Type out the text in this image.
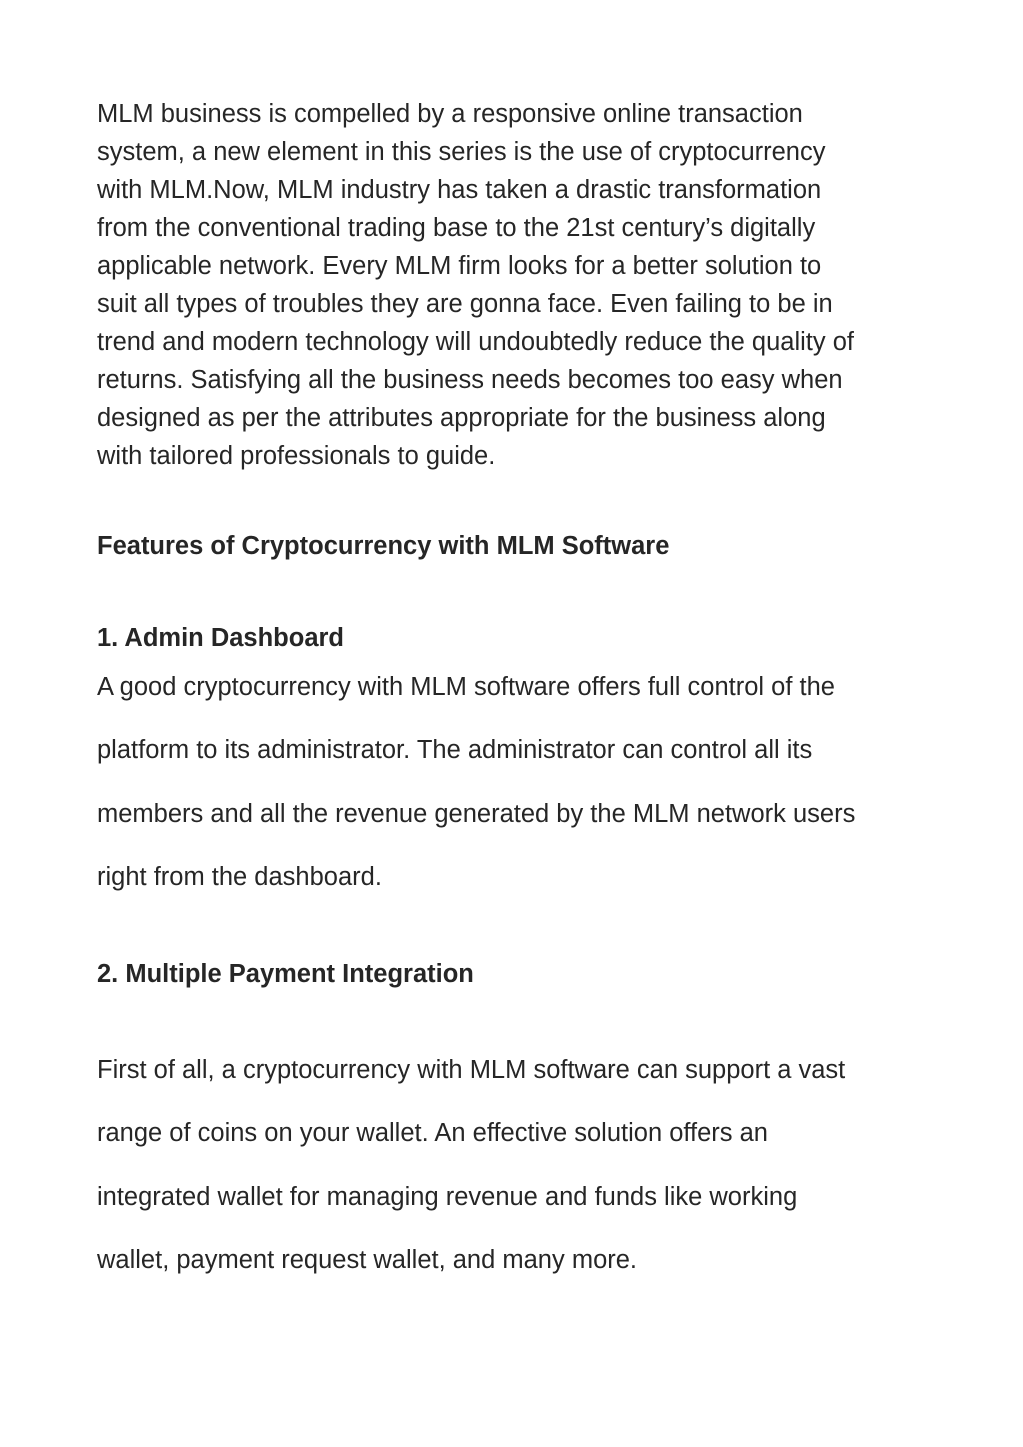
MLM business is compelled by a responsive online transaction
system, a new element in this series is the use of cryptocurrency
with MLM.Now, MLM industry has taken a drastic transformation
from the conventional trading base to the 21st century’s digitally
applicable network. Every MLM firm looks for a better solution to
suit all types of troubles they are gonna face. Even failing to be in
trend and modern technology will undoubtedly reduce the quality of
returns. Satisfying all the business needs becomes too easy when
designed as per the attributes appropriate for the business along
with tailored professionals to guide.

Features of Cryptocurrency with MLM Software
1. Admin Dashboard

A good cryptocurrency with MLM software offers full control of the
platform to its administrator. The administrator can control all its
members and all the revenue generated by the MLM network users
right from the dashboard.

2. Multiple Payment Integration

First of all, a cryptocurrency with MLM software can support a vast
range of coins on your wallet. An effective solution offers an
integrated wallet for managing revenue and funds like working
wallet, payment request wallet, and many more.
